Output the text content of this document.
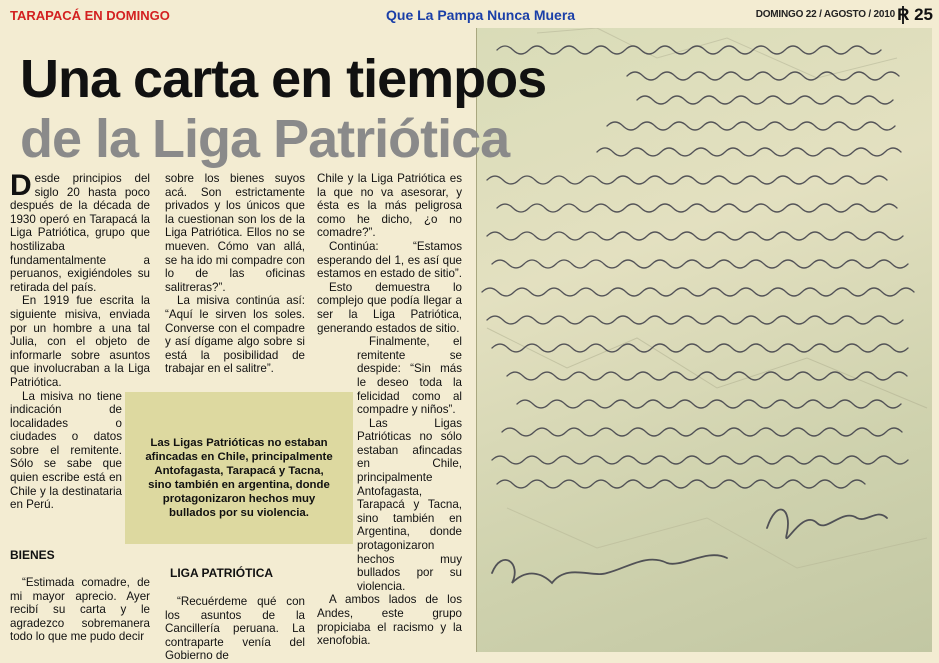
TARAPACÁ EN DOMINGO	Que La Pampa Nunca Muera	DOMINGO 22 / AGOSTO / 2010 R 25
Una carta en tiempos
de la Liga Patriótica

Desde principios del siglo 20 hasta poco después de la década de 1930 operó en Tarapacá la Liga Patriótica, grupo que hostilizaba fundamentalmente a peruanos, exigiéndoles su retirada del país.

En 1919 fue escrita la siguiente misiva, enviada por un hombre a una tal Julia, con el objeto de informarle sobre asuntos que involucraban a la Liga Patriótica.

La misiva no tiene indicación de localidades o ciudades o datos sobre el remitente. Sólo se sabe que quien escribe está en Chile y la destinataria en Perú.

BIENES

“Estimada comadre, de mi mayor aprecio. Ayer recibí su carta y le agradezco sobremanera todo lo que me pudo decir

sobre los bienes suyos acá. Son estrictamente privados y los únicos que la cuestionan son los de la Liga Patriótica. Ellos no se mueven. Cómo van allá, se ha ido mi compadre con lo de las oficinas salitreras?”.

La misiva continúa así: “Aquí le sirven los soles. Converse con el compadre y así dígame algo sobre si está la posibilidad de trabajar en el salitre”.

LIGA PATRIÓTICA

“Recuérdeme qué con los asuntos de la Cancillería peruana. La contraparte venía del Gobierno de

Chile y la Liga Patriótica es la que no va asesorar, y ésta es la más peligrosa como he dicho, ¿o no comadre?”.

Continúa: “Estamos esperando del 1, es así que estamos en estado de sitio”.

Esto demuestra lo complejo que podía llegar a ser la Liga Patriótica, generando estados de sitio.

Finalmente, el remitente se despide: “Sin más le deseo toda la felicidad como al compadre y niños”.

Las Ligas Patrióticas no sólo estaban afincadas en Chile, principalmente Antofagasta, Tarapacá y Tacna, sino también en Argentina, donde protagonizaron hechos muy bullados por su violencia.

A ambos lados de los Andes, este grupo propiciaba el racismo y la xenofobia.

Las Ligas Patrióticas no estaban afincadas en Chile, principalmente Antofagasta, Tarapacá y Tacna, sino también en argentina, donde protagonizaron hechos muy bullados por su violencia.
